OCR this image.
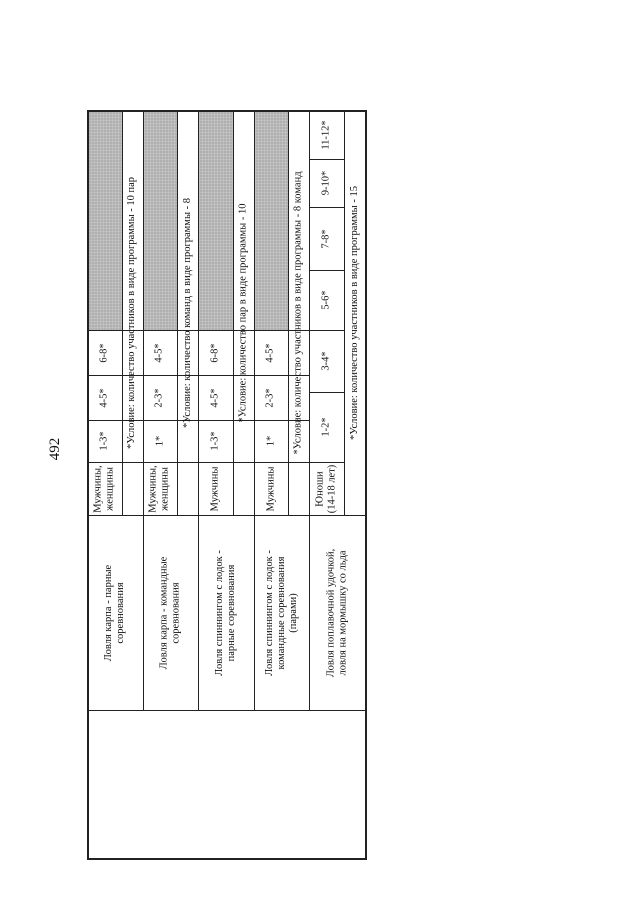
492
Ловля карпа - парные
соревнования
Мужчины,
женщины
1-3*
4-5*
6-8* *Условие: количество участников в виде программы - 10 пар
Ловля карпа - командные
соревнования
Мужчины,
женщины
1*
2-3*
4-5* *Условие: количество команд в виде программы - 8
Ловля спиннингом с лодок -
парные соревнования
Мужчины
1-3*
4-5*
6-8* *Условие: количество пар в виде программы - 10
Ловля спиннингом с лодок -
командные соревнования
(парами)
Мужчины
1*
2-3*
4-5* *Условие: количество участников в виде программы - 8 команд
Ловля поплавочной удочкой,
ловля на мормышку со льда
Юноши
(14-18 лет)
1-2*
3-4*
5-6*
7-8*
9-10*
11-12*
*Условие: количество участников в виде программы - 15
